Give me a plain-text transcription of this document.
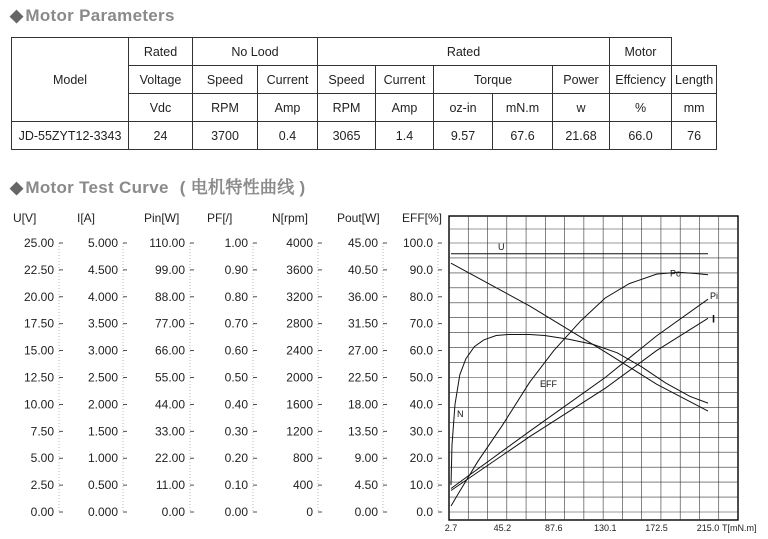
◆ Motor Parameters
Model	Rated	No Lood		Rated					Motor	
	Voltage	Speed	Current	Speed	Current	Torque		Power	Effciency	Length
	Vdc	RPM	Amp	RPM	Amp	oz-in	mN.m	w	%	mm
JD-55ZYT12-3343	24	3700	0.4	3065	1.4	9.57	67.6	21.68	66.0	76
◆ Motor Test Curve ( 电机特性曲线 )
U[V]
25.00
22.50
20.00
17.50
15.00
12.50
10.00
7.50
5.00
2.50
0.00
I[A]
5.000
4.500
4.000
3.500
3.000
2.500
2.000
1.500
1.000
0.500
0.000
Pin[W]
110.00
99.00
88.00
77.00
66.00
55.00
44.00
33.00
22.00
11.00
0.00
PF[/]
1.00
0.90
0.80
0.70
0.60
0.50
0.40
0.30
0.20
0.10
0.00
N[rpm]
4000
3600
3200
2800
2400
2000
1600
1200
800
400
0
Pout[W]
45.00
40.50
36.00
31.50
27.00
22.50
18.00
13.50
9.00
4.50
0.00
EFF[%]
100.0
90.0
80.0
70.0
60.0
50.0
40.0
30.0
20.0
10.0
0.0
2.7	45.2	87.6	130.1	172.5	215.0 T[mN.m]
U
N
Po
Pi
I
EFF
